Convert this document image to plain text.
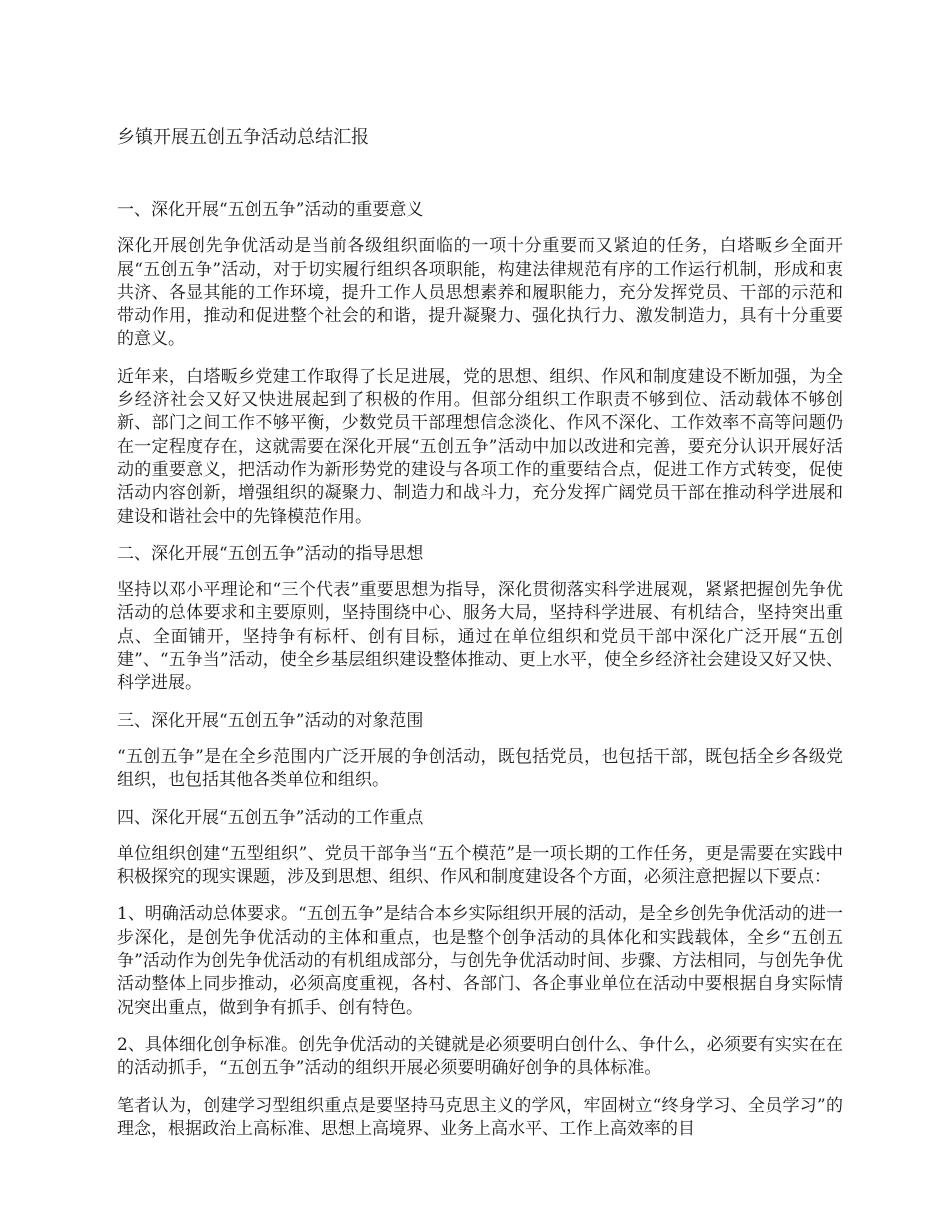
乡镇开展五创五争活动总结汇报

一、深化开展“五创五争”活动的重要意义

深化开展创先争优活动是当前各级组织面临的一项十分重要而又紧迫的任务，白塔畈乡全面开展“五创五争”活动，对于切实履行组织各项职能，构建法律规范有序的工作运行机制，形成和衷共济、各显其能的工作环境，提升工作人员思想素养和履职能力，充分发挥党员、干部的示范和带动作用，推动和促进整个社会的和谐，提升凝聚力、强化执行力、激发制造力，具有十分重要的意义。

近年来，白塔畈乡党建工作取得了长足进展，党的思想、组织、作风和制度建设不断加强，为全乡经济社会又好又快进展起到了积极的作用。但部分组织工作职责不够到位、活动载体不够创新、部门之间工作不够平衡，少数党员干部理想信念淡化、作风不深化、工作效率不高等问题仍在一定程度存在，这就需要在深化开展“五创五争”活动中加以改进和完善，要充分认识开展好活动的重要意义，把活动作为新形势党的建设与各项工作的重要结合点，促进工作方式转变，促使活动内容创新，增强组织的凝聚力、制造力和战斗力，充分发挥广阔党员干部在推动科学进展和建设和谐社会中的先锋模范作用。

二、深化开展“五创五争”活动的指导思想

坚持以邓小平理论和“三个代表”重要思想为指导，深化贯彻落实科学进展观，紧紧把握创先争优活动的总体要求和主要原则，坚持围绕中心、服务大局，坚持科学进展、有机结合，坚持突出重点、全面铺开，坚持争有标杆、创有目标，通过在单位组织和党员干部中深化广泛开展“五创建”、“五争当”活动，使全乡基层组织建设整体推动、更上水平，使全乡经济社会建设又好又快、科学进展。

三、深化开展“五创五争”活动的对象范围

“五创五争”是在全乡范围内广泛开展的争创活动，既包括党员，也包括干部，既包括全乡各级党组织，也包括其他各类单位和组织。

四、深化开展“五创五争”活动的工作重点

单位组织创建“五型组织”、党员干部争当“五个模范”是一项长期的工作任务，更是需要在实践中积极探究的现实课题，涉及到思想、组织、作风和制度建设各个方面，必须注意把握以下要点：

1、明确活动总体要求。“五创五争”是结合本乡实际组织开展的活动，是全乡创先争优活动的进一步深化，是创先争优活动的主体和重点，也是整个创争活动的具体化和实践载体，全乡“五创五争”活动作为创先争优活动的有机组成部分，与创先争优活动时间、步骤、方法相同，与创先争优活动整体上同步推动，必须高度重视，各村、各部门、各企事业单位在活动中要根据自身实际情况突出重点，做到争有抓手、创有特色。

2、具体细化创争标准。创先争优活动的关键就是必须要明白创什么、争什么，必须要有实实在在的活动抓手，“五创五争”活动的组织开展必须要明确好创争的具体标准。

笔者认为，创建学习型组织重点是要坚持马克思主义的学风，牢固树立“终身学习、全员学习”的理念，根据政治上高标准、思想上高境界、业务上高水平、工作上高效率的目
